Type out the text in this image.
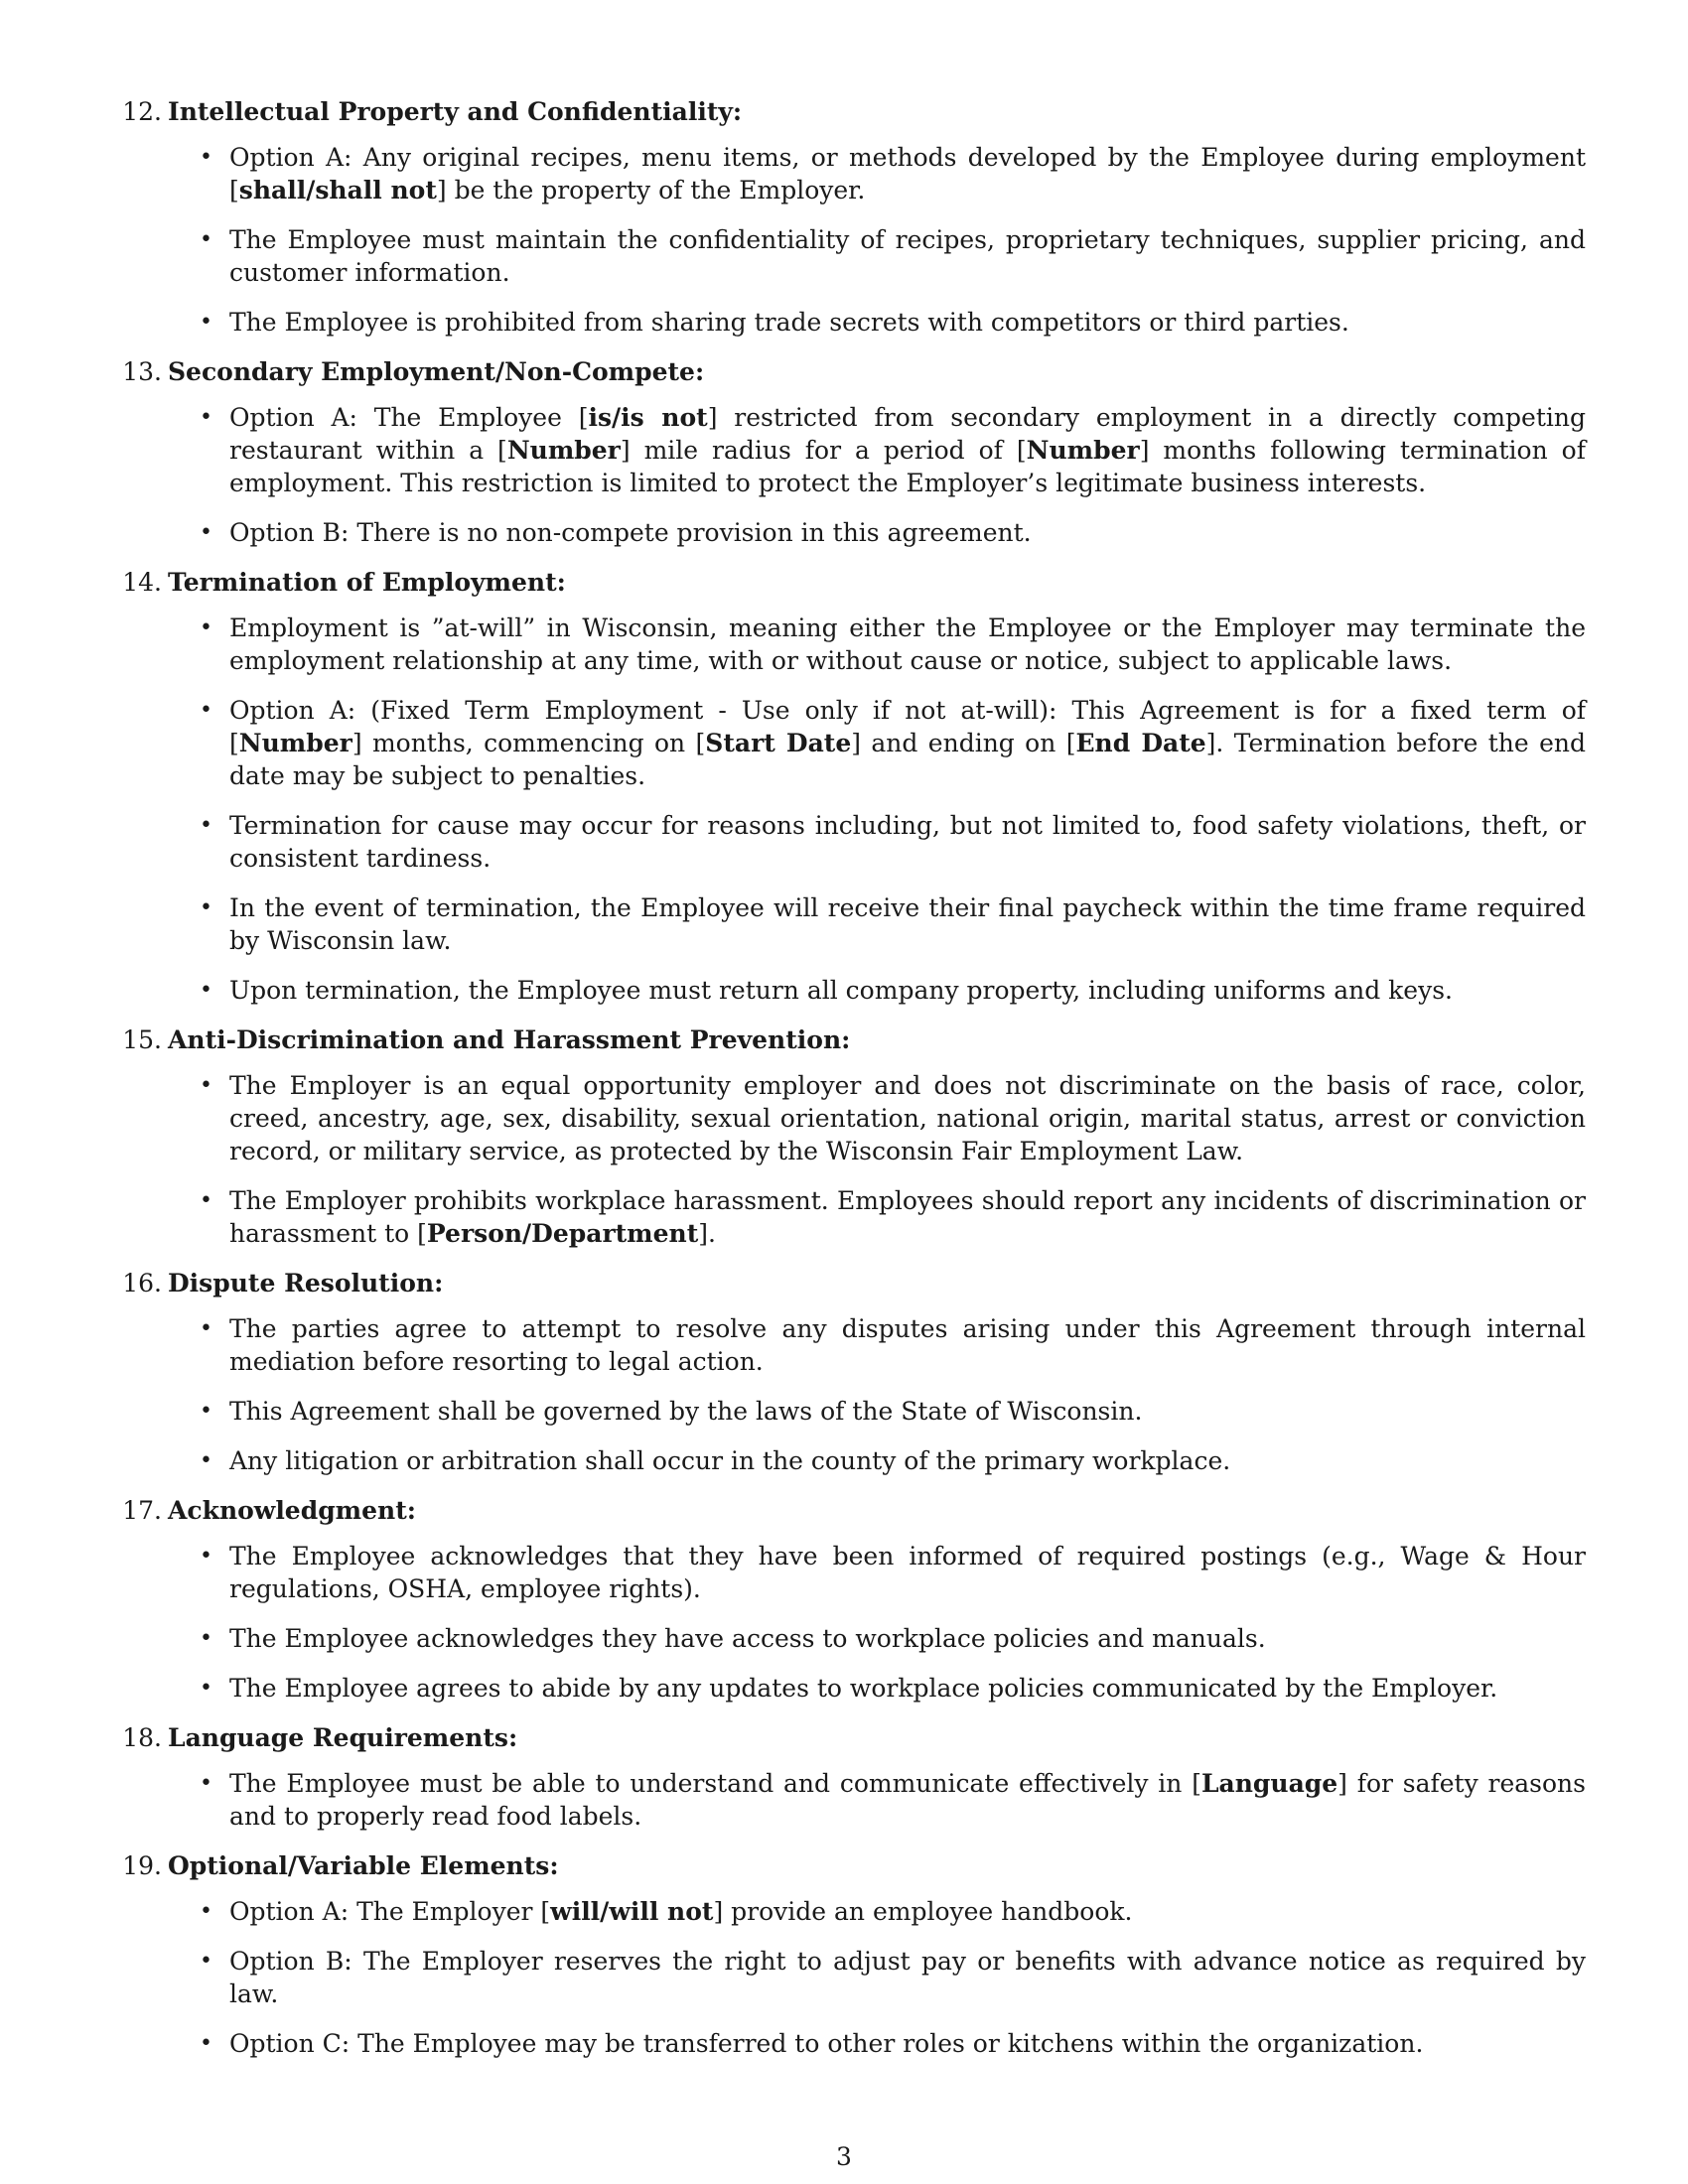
12. Intellectual Property and Confidentiality:
• Option A: Any original recipes, menu items, or methods developed by the Employee during employment [shall/shall not] be the property of the Employer.
• The Employee must maintain the confidentiality of recipes, proprietary techniques, supplier pricing, and customer information.
• The Employee is prohibited from sharing trade secrets with competitors or third parties.
13. Secondary Employment/Non-Compete:
• Option A: The Employee [is/is not] restricted from secondary employment in a directly competing restaurant within a [Number] mile radius for a period of [Number] months following termination of employment. This restriction is limited to protect the Employer’s legitimate business interests.
• Option B: There is no non-compete provision in this agreement.
14. Termination of Employment:
• Employment is ”at-will” in Wisconsin, meaning either the Employee or the Employer may terminate the employment relationship at any time, with or without cause or notice, subject to applicable laws.
• Option A: (Fixed Term Employment - Use only if not at-will): This Agreement is for a fixed term of [Number] months, commencing on [Start Date] and ending on [End Date]. Termination before the end date may be subject to penalties.
• Termination for cause may occur for reasons including, but not limited to, food safety violations, theft, or consistent tardiness.
• In the event of termination, the Employee will receive their final paycheck within the time frame required by Wisconsin law.
• Upon termination, the Employee must return all company property, including uniforms and keys.
15. Anti-Discrimination and Harassment Prevention:
• The Employer is an equal opportunity employer and does not discriminate on the basis of race, color, creed, ancestry, age, sex, disability, sexual orientation, national origin, marital status, arrest or conviction record, or military service, as protected by the Wisconsin Fair Employment Law.
• The Employer prohibits workplace harassment. Employees should report any incidents of discrimination or harassment to [Person/Department].
16. Dispute Resolution:
• The parties agree to attempt to resolve any disputes arising under this Agreement through internal mediation before resorting to legal action.
• This Agreement shall be governed by the laws of the State of Wisconsin.
• Any litigation or arbitration shall occur in the county of the primary workplace.
17. Acknowledgment:
• The Employee acknowledges that they have been informed of required postings (e.g., Wage & Hour regulations, OSHA, employee rights).
• The Employee acknowledges they have access to workplace policies and manuals.
• The Employee agrees to abide by any updates to workplace policies communicated by the Employer.
18. Language Requirements:
• The Employee must be able to understand and communicate effectively in [Language] for safety reasons and to properly read food labels.
19. Optional/Variable Elements:
• Option A: The Employer [will/will not] provide an employee handbook.
• Option B: The Employer reserves the right to adjust pay or benefits with advance notice as required by law.
• Option C: The Employee may be transferred to other roles or kitchens within the organization.
3
